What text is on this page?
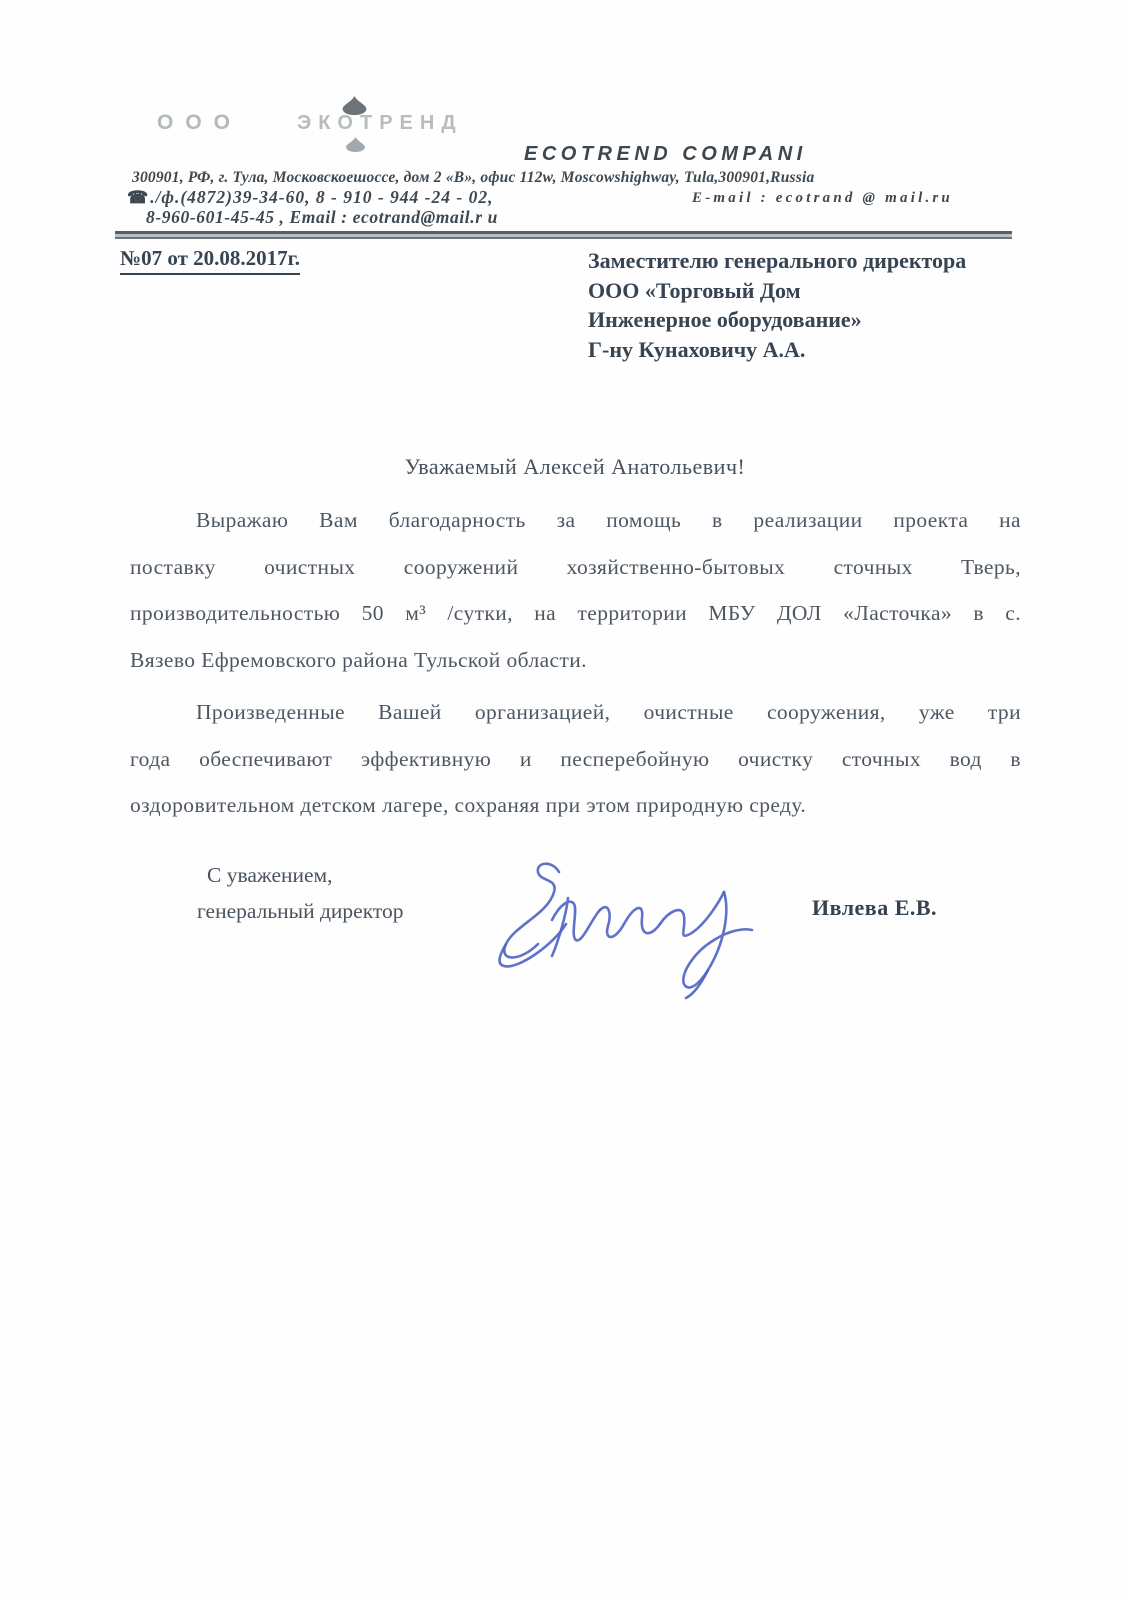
ООО	ЭКОТРЕНД
ECOTREND COMPANI
300901, РФ, г. Тула, Московскоешоссе, дом 2 «В», офис 112w, Moscowshighway, Tula,300901,Russia
☎./ф.(4872)39-34-60, 8 - 910 - 944 -24 - 02,	E-mail : ecotrand @ mail.ru
8-960-601-45-45 , Email : ecotrand@mail.r u
№07 от 20.08.2017г.	Заместителю генерального директора
ООО «Торговый Дом
Инженерное оборудование»
Г-ну Кунаховичу А.А.
Уважаемый Алексей Анатольевич!
Выражаю Вам благодарность за помощь в реализации проекта на
поставку очистных сооружений хозяйственно-бытовых сточных Тверь,
производительностью 50 м³ /сутки, на территории МБУ ДОЛ «Ласточка» в с.
Вязево Ефремовского района Тульской области.
Произведенные Вашей организацией, очистные сооружения, уже три
года обеспечивают эффективную и песперебойную очистку сточных вод в
оздоровительном детском лагере, сохраняя при этом природную среду.
С уважением,
генеральный директор	Ивлева Е.В.
